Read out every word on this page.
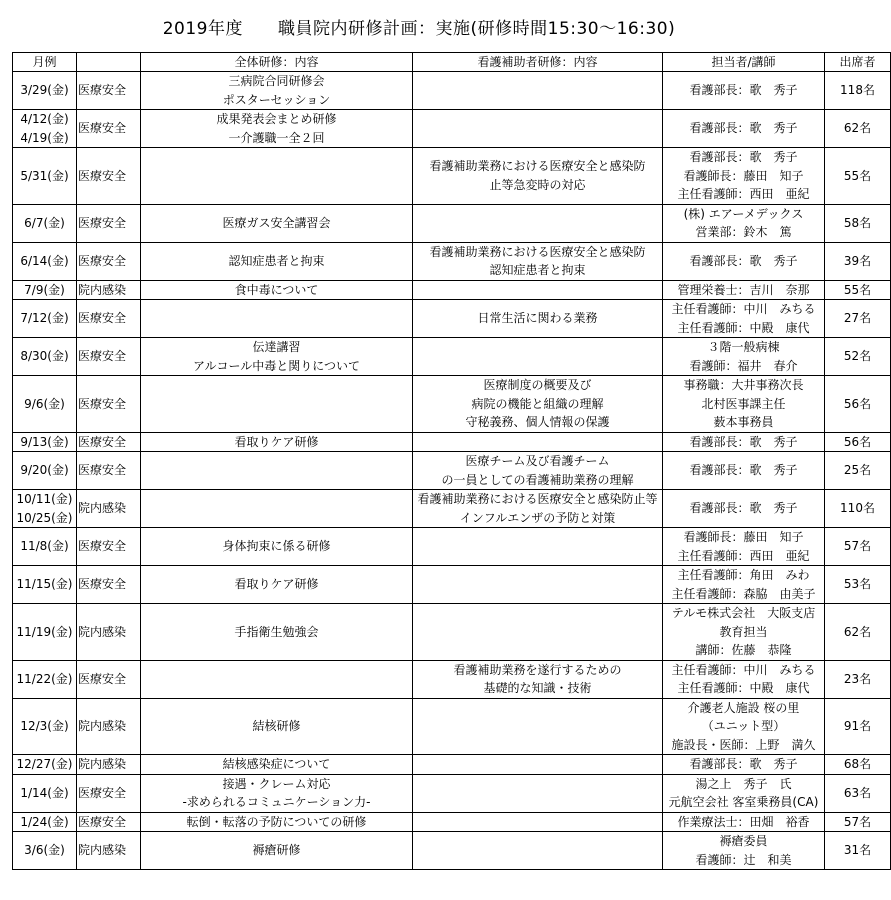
2019年度　　職員院内研修計画：実施(研修時間15:30～16:30)
月例		全体研修：内容	看護補助者研修：内容	担当者/講師	出席者

3/29(金)	医療安全	三病院合同研修会
ポスターセッション		看護部長：歌　秀子	118名

4/12(金)
4/19(金)	医療安全	成果発表会まとめ研修
一介護職一全２回		看護部長：歌　秀子	62名

5/31(金)	医療安全		看護補助業務における医療安全と感染防
止等急変時の対応	看護部長：歌　秀子
看護師長：藤田　知子
主任看護師：西田　亜紀	55名

6/7(金)	医療安全	医療ガス安全講習会		(株) エアーメデックス
営業部：鈴木　篤	58名

6/14(金)	医療安全	認知症患者と拘束	看護補助業務における医療安全と感染防
認知症患者と拘束	看護部長：歌　秀子	39名

7/9(金)	院内感染	食中毒について		管理栄養士：吉川　奈那	55名

7/12(金)	医療安全		日常生活に関わる業務	主任看護師：中川　みちる
主任看護師：中殿　康代	27名

8/30(金)	医療安全	伝達講習
アルコール中毒と関りについて		３階一般病棟
看護師：福井　春介	52名

9/6(金)	医療安全		医療制度の概要及び
病院の機能と組織の理解
守秘義務、個人情報の保護	事務職：大井事務次長
北村医事課主任
薮本事務員	56名

9/13(金)	医療安全	看取りケア研修		看護部長：歌　秀子	56名

9/20(金)	医療安全		医療チーム及び看護チーム
の一員としての看護補助業務の理解	看護部長：歌　秀子	25名

10/11(金)
10/25(金)	院内感染		看護補助業務における医療安全と感染防止等
インフルエンザの予防と対策	看護部長：歌　秀子	110名

11/8(金)	医療安全	身体拘束に係る研修		看護師長：藤田　知子
主任看護師：西田　亜紀	57名

11/15(金)	医療安全	看取りケア研修		主任看護師：角田　みわ
主任看護師：森脇　由美子	53名

11/19(金)	院内感染	手指衛生勉強会		テルモ株式会社　大阪支店
教育担当
講師：佐藤　恭隆	62名

11/22(金)	医療安全		看護補助業務を遂行するための
基礎的な知識・技術	主任看護師：中川　みちる
主任看護師：中殿　康代	23名

12/3(金)	院内感染	結核研修		介護老人施設 桜の里
（ユニット型）
施設長・医師：上野　満久	91名

12/27(金)	院内感染	結核感染症について		看護部長：歌　秀子	68名

1/14(金)	医療安全	接遇・クレーム対応
-求められるコミュニケーション力-		湯之上　秀子　氏
元航空会社 客室乗務員(CA)	63名

1/24(金)	医療安全	転倒・転落の予防についての研修		作業療法士：田畑　裕香	57名

3/6(金)	院内感染	褥瘡研修		褥瘡委員
看護師：辻　和美	31名
